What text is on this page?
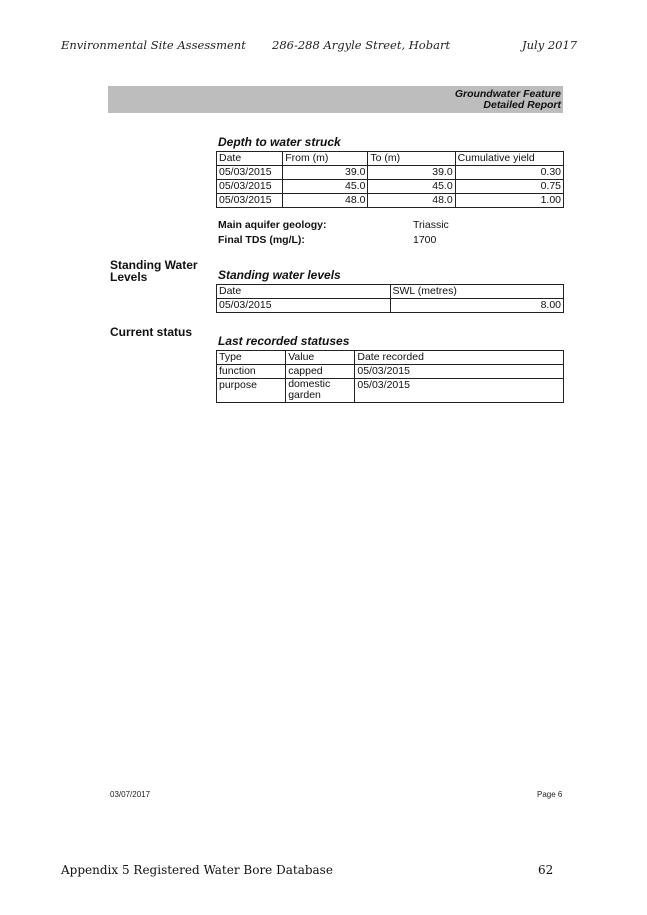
Environmental Site Assessment 286-288 Argyle Street, Hobart	July 2017
Groundwater Feature
Detailed Report
Depth to water struck
Date	From (m)	To (m)	Cumulative yield
05/03/2015	39.0	39.0	0.30
05/03/2015	45.0	45.0	0.75
05/03/2015	48.0	48.0	1.00
Main aquifer geology:	Triassic
Final TDS (mg/L):	1700
Standing Water
Levels	Standing water levels
Date	SWL (metres)
05/03/2015	8.00
Current status
Last recorded statuses
Type	Value	Date recorded
function	capped	05/03/2015
purpose	domestic garden	05/03/2015
03/07/2017	Page 6
Appendix 5 Registered Water Bore Database	62
